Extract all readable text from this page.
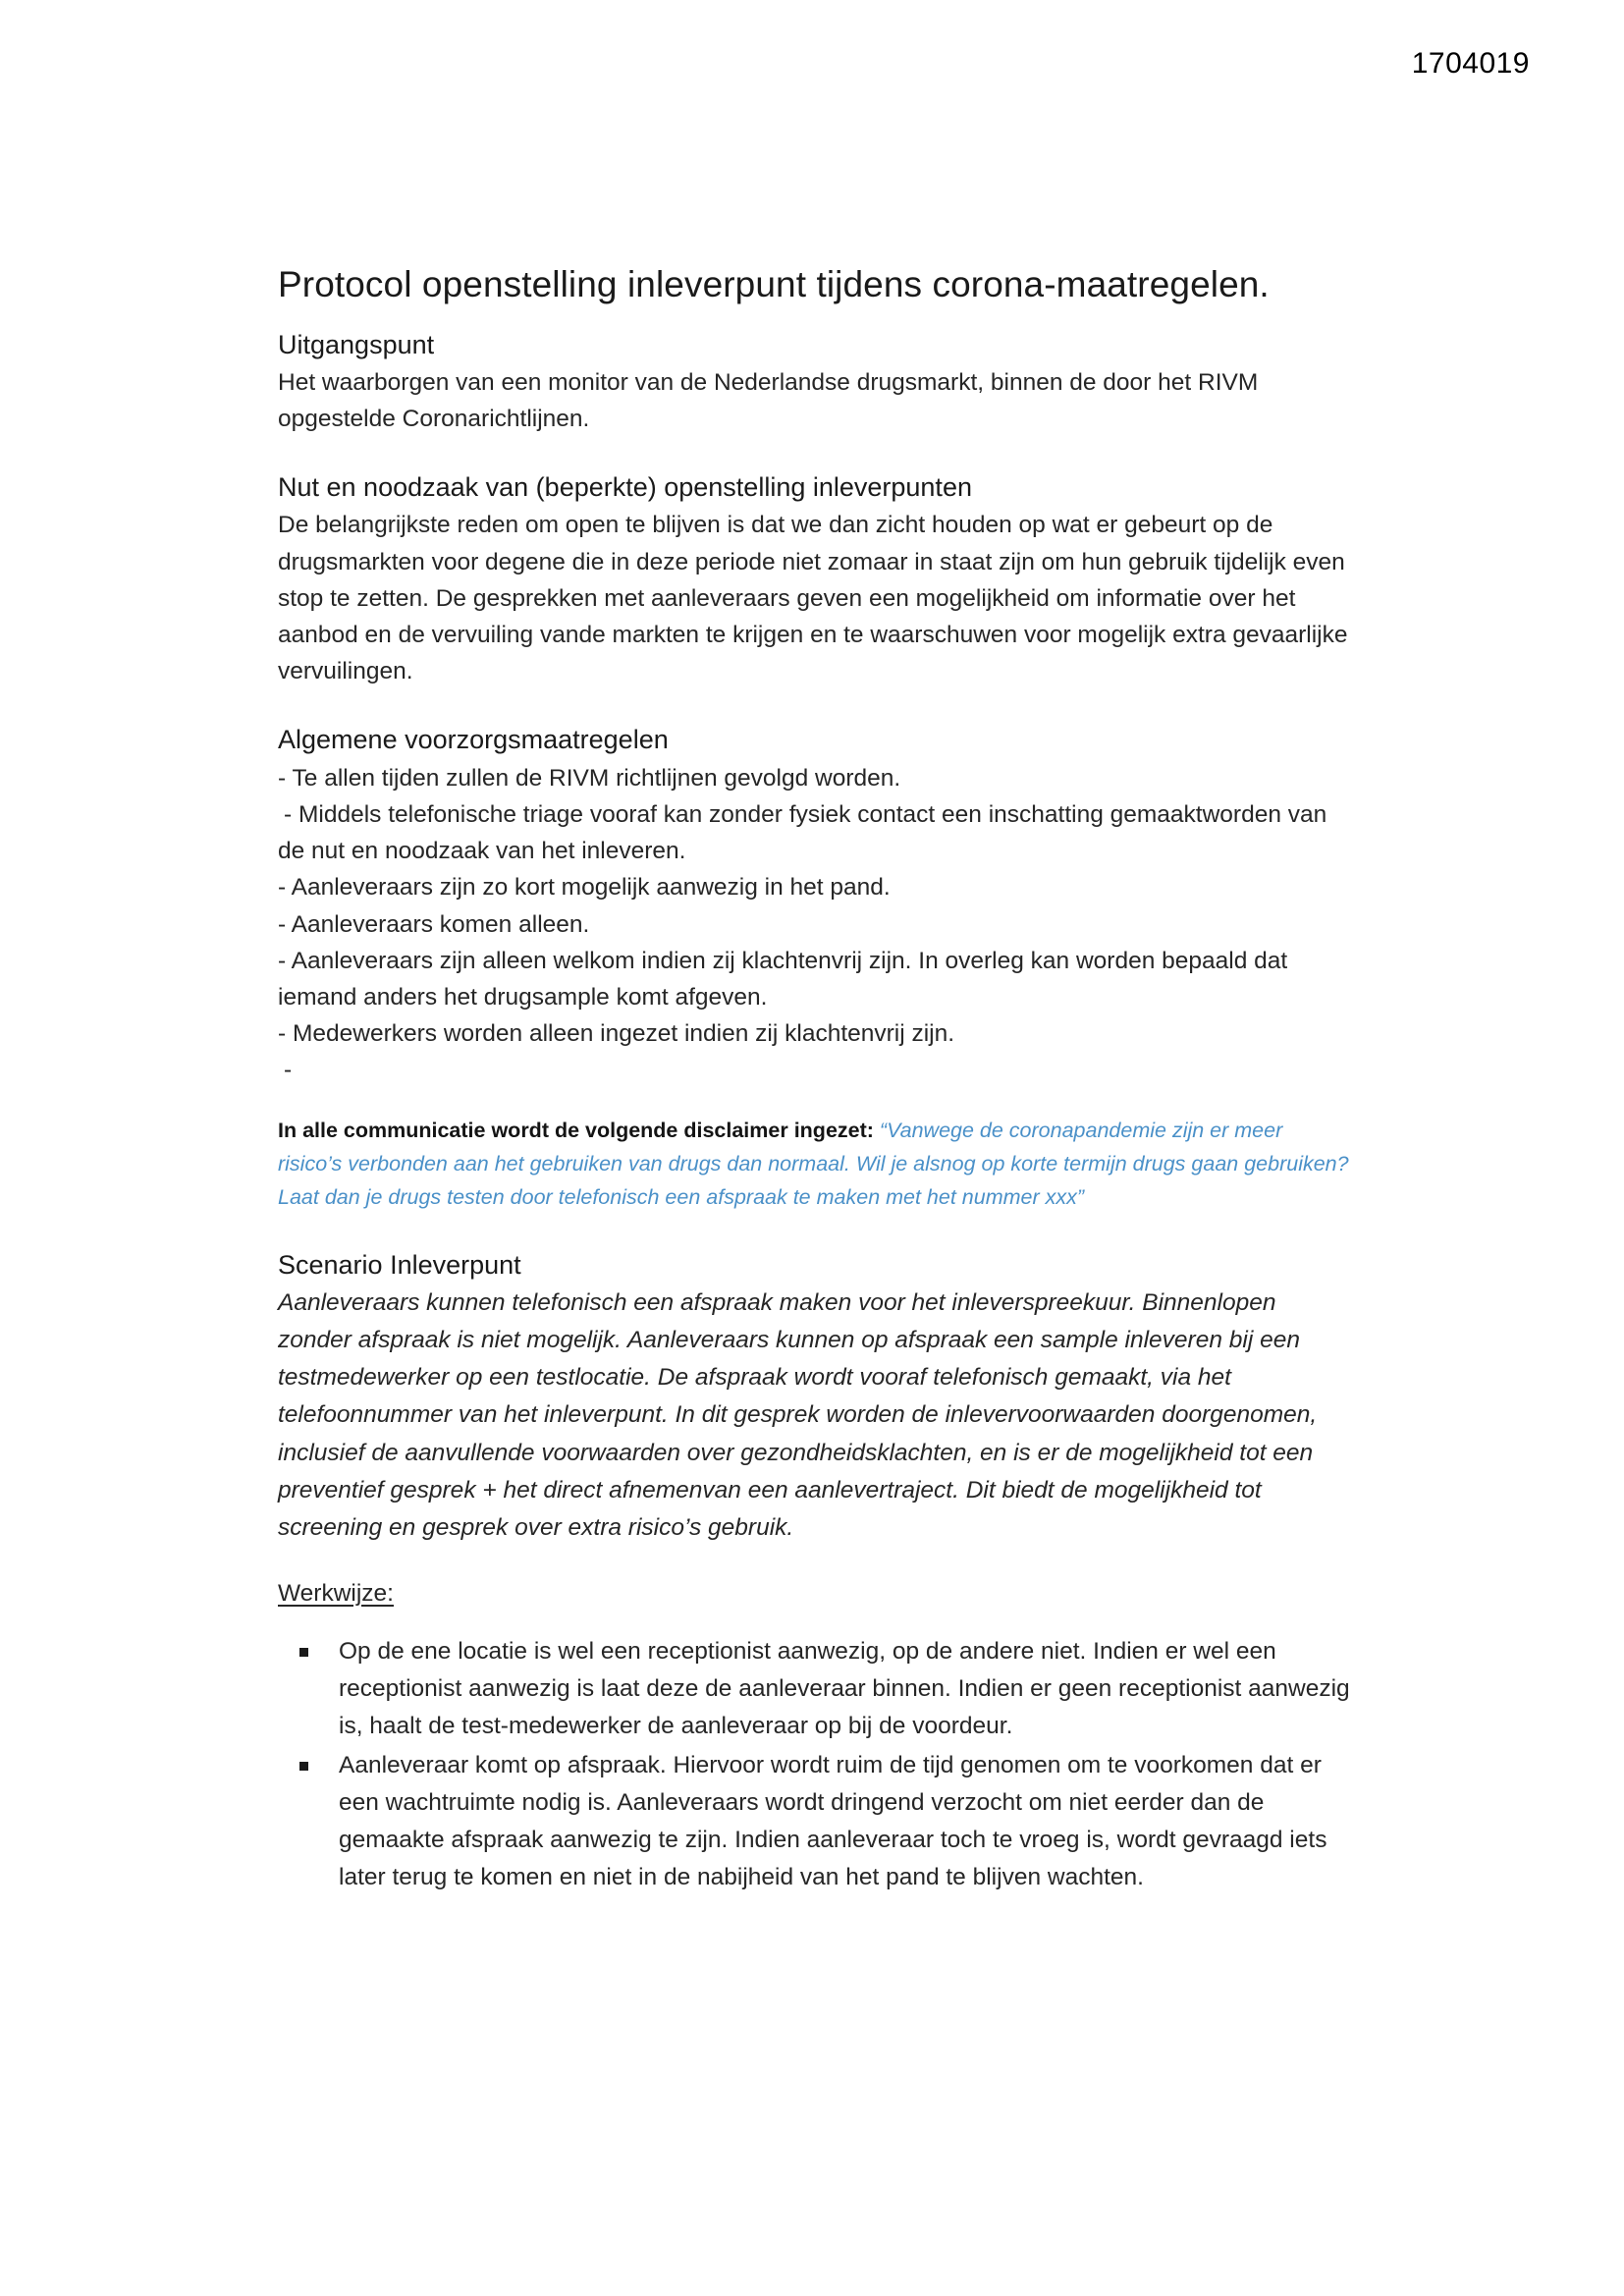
1704019
Protocol openstelling inleverpunt tijdens corona-maatregelen.
Uitgangspunt

Het waarborgen van een monitor van de Nederlandse drugsmarkt, binnen de door het RIVM opgestelde Coronarichtlijnen.

Nut en noodzaak van (beperkte) openstelling inleverpunten

De belangrijkste reden om open te blijven is dat we dan zicht houden op wat er gebeurt op de drugsmarkten voor degene die in deze periode niet zomaar in staat zijn om hun gebruik tijdelijk even stop te zetten. De gesprekken met aanleveraars geven een mogelijkheid om informatie over het aanbod en de vervuiling vande markten te krijgen en te waarschuwen voor mogelijk extra gevaarlijke vervuilingen.

Algemene voorzorgsmaatregelen
- Te allen tijden zullen de RIVM richtlijnen gevolgd worden.
- Middels telefonische triage vooraf kan zonder fysiek contact een inschatting gemaaktworden van de nut en noodzaak van het inleveren.
- Aanleveraars zijn zo kort mogelijk aanwezig in het pand.
- Aanleveraars komen alleen.
- Aanleveraars zijn alleen welkom indien zij klachtenvrij zijn. In overleg kan worden bepaald dat iemand anders het drugsample komt afgeven.
- Medewerkers worden alleen ingezet indien zij klachtenvrij zijn.
-

In alle communicatie wordt de volgende disclaimer ingezet: “Vanwege de coronapandemie zijn er meer risico’s verbonden aan het gebruiken van drugs dan normaal. Wil je alsnog op korte termijn drugs gaan gebruiken? Laat dan je drugs testen door telefonisch een afspraak te maken met het nummer xxx”

Scenario Inleverpunt

Aanleveraars kunnen telefonisch een afspraak maken voor het inleverspreekuur. Binnenlopen zonder afspraak is niet mogelijk. Aanleveraars kunnen op afspraak een sample inleveren bij een testmedewerker op een testlocatie. De afspraak wordt vooraf telefonisch gemaakt, via het telefoonnummer van het inleverpunt. In dit gesprek worden de inlevervoorwaarden doorgenomen, inclusief de aanvullende voorwaarden over gezondheidsklachten, en is er de mogelijkheid tot een preventief gesprek + het direct afnemenvan een aanlevertraject. Dit biedt de mogelijkheid tot screening en gesprek over extra risico’s gebruik.

Werkwijze:
Op de ene locatie is wel een receptionist aanwezig, op de andere niet. Indien er wel een receptionist aanwezig is laat deze de aanleveraar binnen. Indien er geen receptionist aanwezig is, haalt de test-medewerker de aanleveraar op bij de voordeur.
Aanleveraar komt op afspraak. Hiervoor wordt ruim de tijd genomen om te voorkomen dat er een wachtruimte nodig is. Aanleveraars wordt dringend verzocht om niet eerder dan de gemaakte afspraak aanwezig te zijn. Indien aanleveraar toch te vroeg is, wordt gevraagd iets later terug te komen en niet in de nabijheid van het pand te blijven wachten.
